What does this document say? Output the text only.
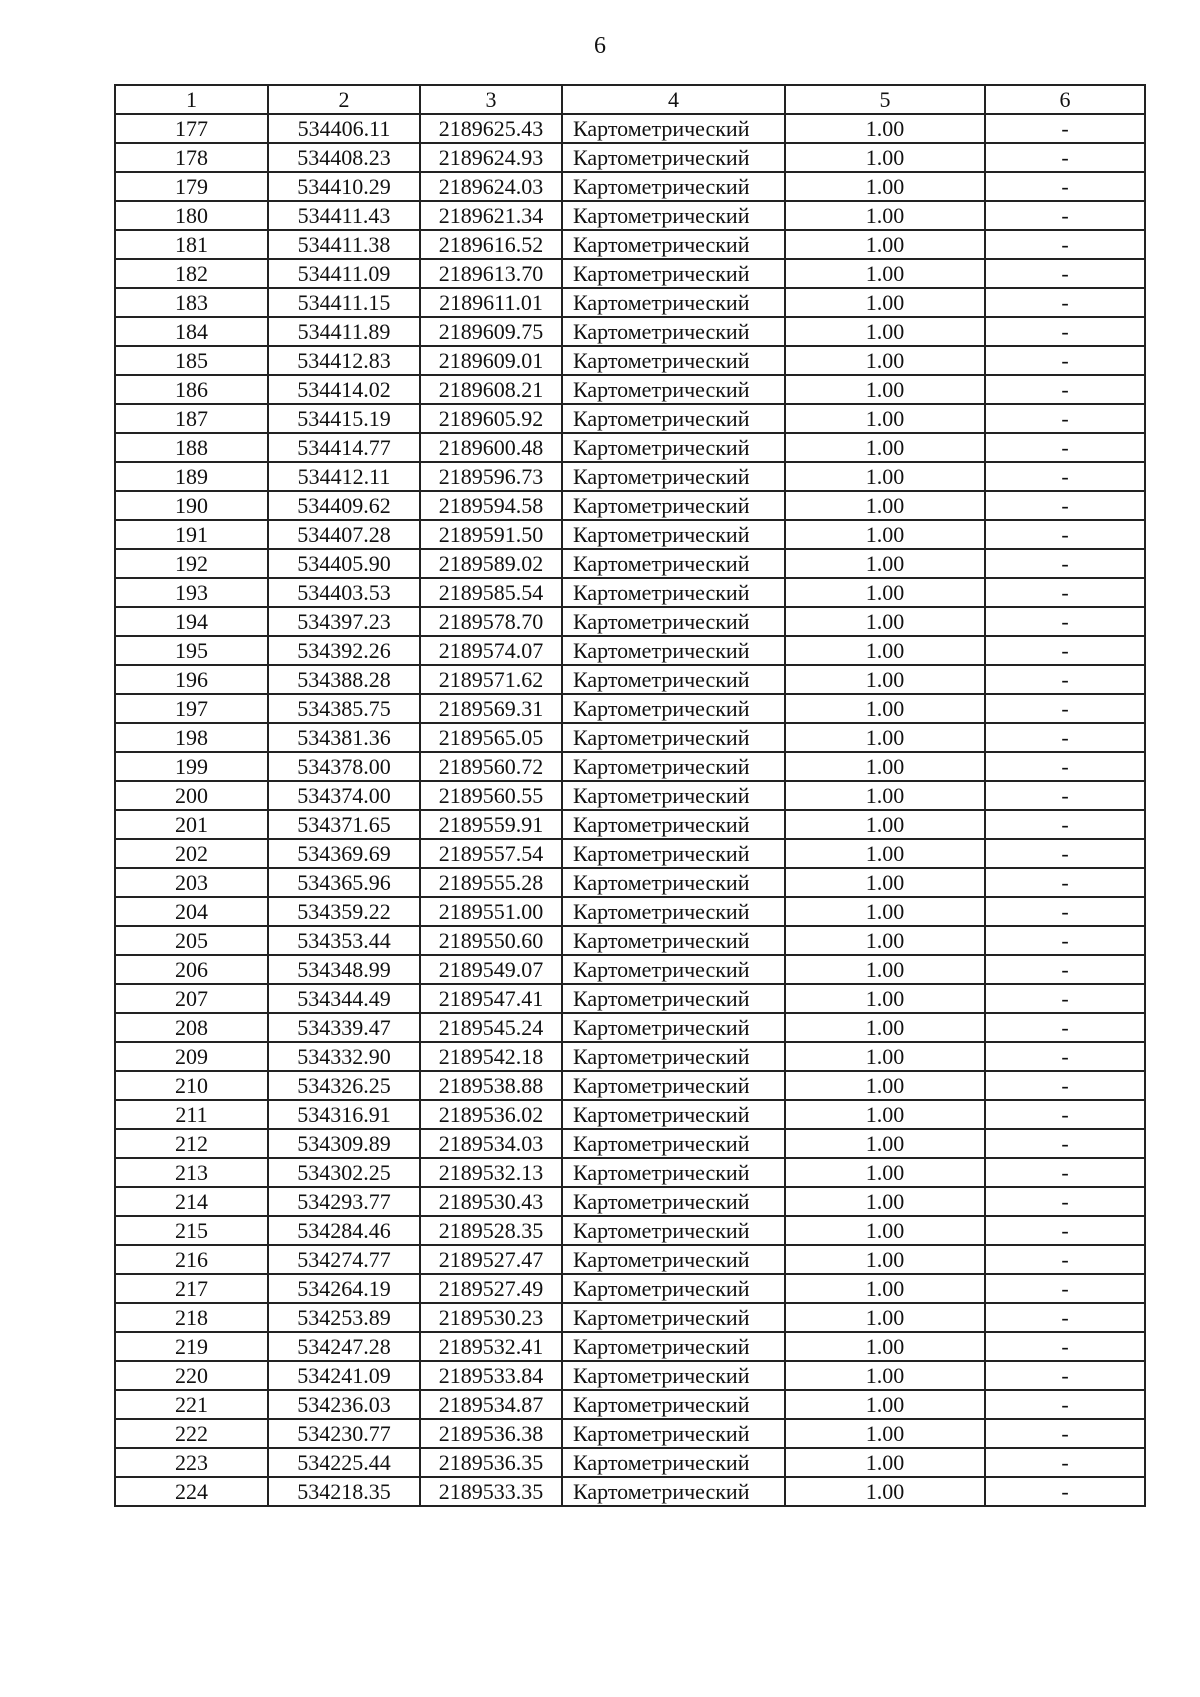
6
1	2	3	4	5	6
177	534406.11	2189625.43	Картометрический	1.00	-
178	534408.23	2189624.93	Картометрический	1.00	-
179	534410.29	2189624.03	Картометрический	1.00	-
180	534411.43	2189621.34	Картометрический	1.00	-
181	534411.38	2189616.52	Картометрический	1.00	-
182	534411.09	2189613.70	Картометрический	1.00	-
183	534411.15	2189611.01	Картометрический	1.00	-
184	534411.89	2189609.75	Картометрический	1.00	-
185	534412.83	2189609.01	Картометрический	1.00	-
186	534414.02	2189608.21	Картометрический	1.00	-
187	534415.19	2189605.92	Картометрический	1.00	-
188	534414.77	2189600.48	Картометрический	1.00	-
189	534412.11	2189596.73	Картометрический	1.00	-
190	534409.62	2189594.58	Картометрический	1.00	-
191	534407.28	2189591.50	Картометрический	1.00	-
192	534405.90	2189589.02	Картометрический	1.00	-
193	534403.53	2189585.54	Картометрический	1.00	-
194	534397.23	2189578.70	Картометрический	1.00	-
195	534392.26	2189574.07	Картометрический	1.00	-
196	534388.28	2189571.62	Картометрический	1.00	-
197	534385.75	2189569.31	Картометрический	1.00	-
198	534381.36	2189565.05	Картометрический	1.00	-
199	534378.00	2189560.72	Картометрический	1.00	-
200	534374.00	2189560.55	Картометрический	1.00	-
201	534371.65	2189559.91	Картометрический	1.00	-
202	534369.69	2189557.54	Картометрический	1.00	-
203	534365.96	2189555.28	Картометрический	1.00	-
204	534359.22	2189551.00	Картометрический	1.00	-
205	534353.44	2189550.60	Картометрический	1.00	-
206	534348.99	2189549.07	Картометрический	1.00	-
207	534344.49	2189547.41	Картометрический	1.00	-
208	534339.47	2189545.24	Картометрический	1.00	-
209	534332.90	2189542.18	Картометрический	1.00	-
210	534326.25	2189538.88	Картометрический	1.00	-
211	534316.91	2189536.02	Картометрический	1.00	-
212	534309.89	2189534.03	Картометрический	1.00	-
213	534302.25	2189532.13	Картометрический	1.00	-
214	534293.77	2189530.43	Картометрический	1.00	-
215	534284.46	2189528.35	Картометрический	1.00	-
216	534274.77	2189527.47	Картометрический	1.00	-
217	534264.19	2189527.49	Картометрический	1.00	-
218	534253.89	2189530.23	Картометрический	1.00	-
219	534247.28	2189532.41	Картометрический	1.00	-
220	534241.09	2189533.84	Картометрический	1.00	-
221	534236.03	2189534.87	Картометрический	1.00	-
222	534230.77	2189536.38	Картометрический	1.00	-
223	534225.44	2189536.35	Картометрический	1.00	-
224	534218.35	2189533.35	Картометрический	1.00	-
